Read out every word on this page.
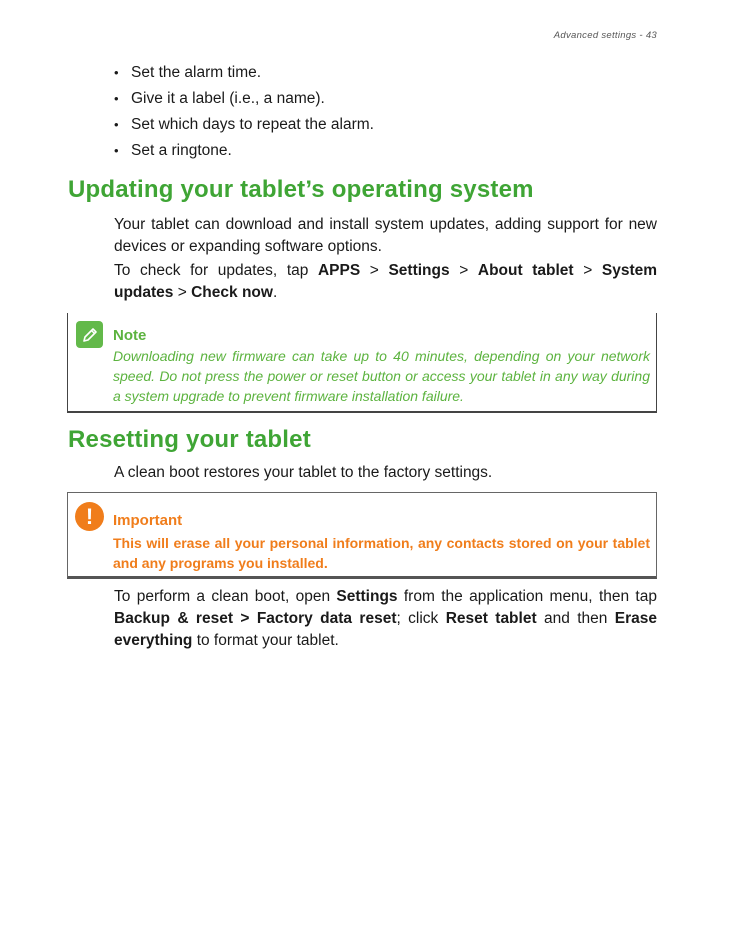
Advanced settings - 43
• Set the alarm time.
• Give it a label (i.e., a name).
• Set which days to repeat the alarm.
• Set a ringtone.
Updating your tablet’s operating system

Your tablet can download and install system updates, adding support for new devices or expanding software options.

To check for updates, tap APPS > Settings > About tablet > System updates > Check now.

Note

Downloading new firmware can take up to 40 minutes, depending on your network speed. Do not press the power or reset button or access your tablet in any way during a system upgrade to prevent firmware installation failure.

Resetting your tablet

A clean boot restores your tablet to the factory settings.

!	Important

This will erase all your personal information, any contacts stored on your tablet and any programs you installed.

To perform a clean boot, open Settings from the application menu, then tap Backup & reset > Factory data reset; click Reset tablet and then Erase everything to format your tablet.
